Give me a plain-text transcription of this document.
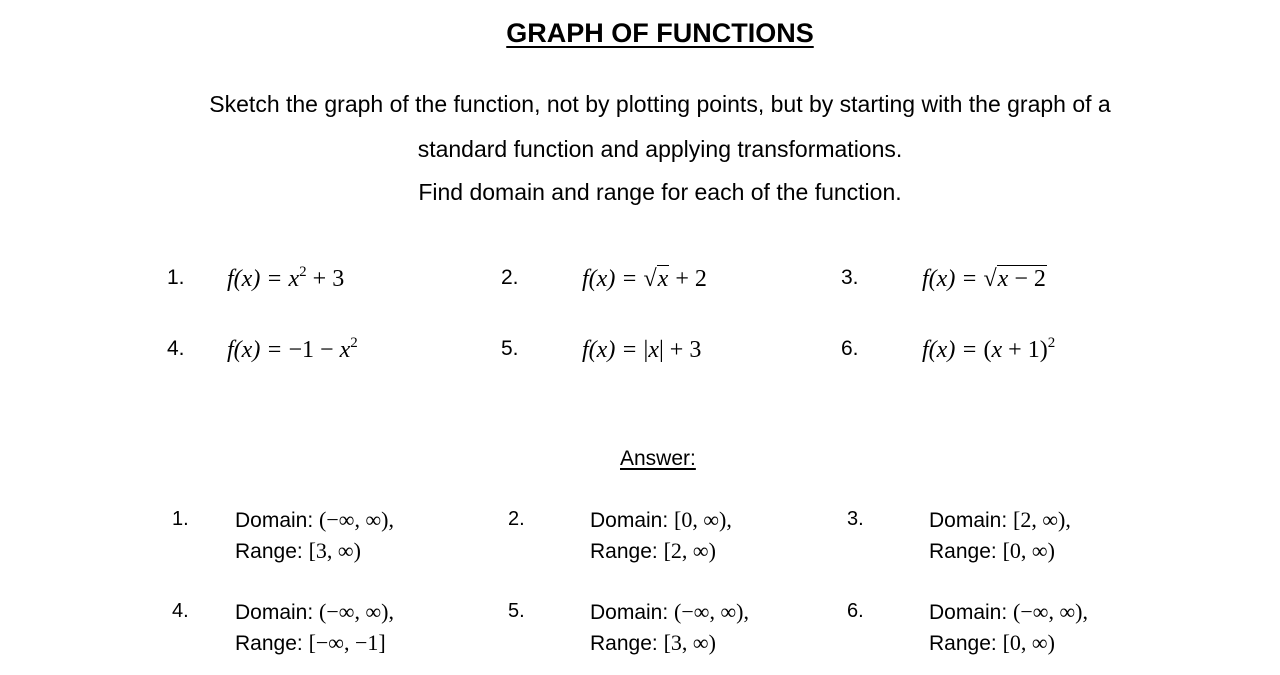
GRAPH OF FUNCTIONS
Sketch the graph of the function, not by plotting points, but by starting with the graph of a
standard function and applying transformations.
Find domain and range for each of the function.
1. $f(x) = x^2 + 3$	2.	f(x) = √x + 2	3.	f(x) = √x − 2
4. $f(x) = -1 - x^2$	5.	f(x) = |x| + 3	6.	$f(x) = (x + 1)^2$
Answer:
1. Domain: (−∞, ∞),
Range: [3, ∞)
2.	Domain: [0, ∞),
Range: [2, ∞)
3.	Domain: [2, ∞),
Range: [0, ∞)
4. Domain: (−∞, ∞),
Range: [−∞, −1]
5.	Domain: (−∞, ∞),
Range: [3, ∞)
6.	Domain: (−∞, ∞),
Range: [0, ∞)
